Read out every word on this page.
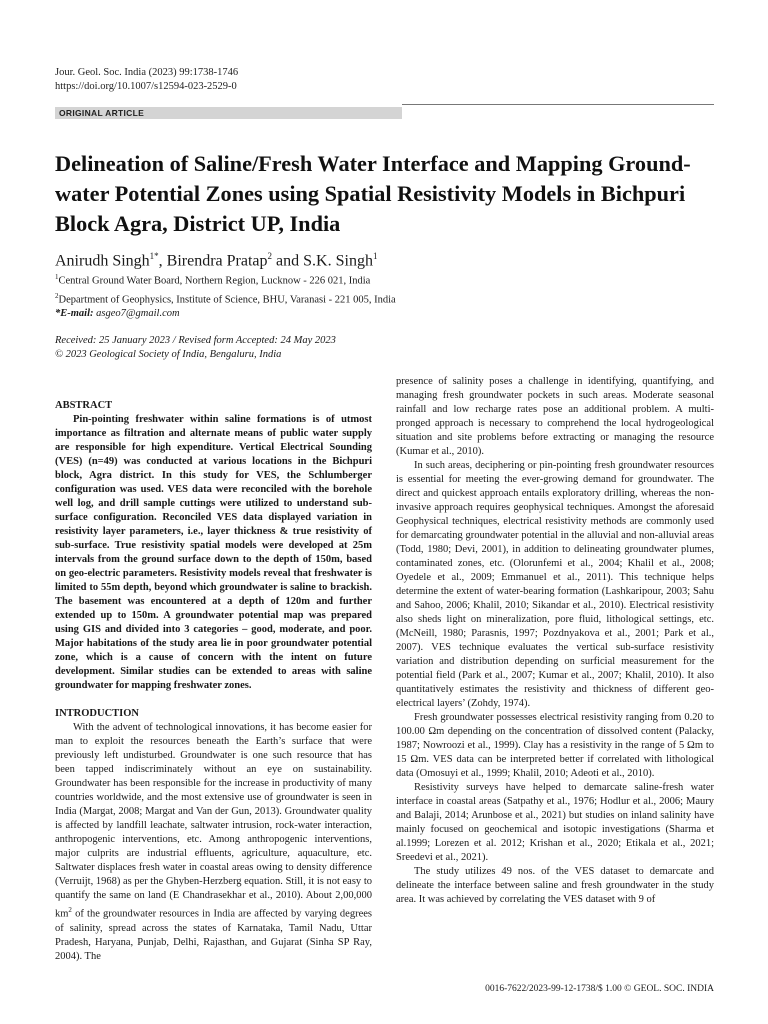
Jour. Geol. Soc. India (2023) 99:1738-1746
https://doi.org/10.1007/s12594-023-2529-0
ORIGINAL ARTICLE
Delineation of Saline/Fresh Water Interface and Mapping Ground-water Potential Zones using Spatial Resistivity Models in Bichpuri Block Agra, District UP, India
Anirudh Singh$^{1*}$, Birendra Pratap$^2$ and S.K. Singh$^1$
$^1$Central Ground Water Board, Northern Region, Lucknow - 226 021, India
$^2$Department of Geophysics, Institute of Science, BHU, Varanasi - 221 005, India
*E-mail: asgeo7@gmail.com
Received: 25 January 2023 / Revised form Accepted: 24 May 2023
© 2023 Geological Society of India, Bengaluru, India

ABSTRACT

Pin-pointing freshwater within saline formations is of utmost importance as filtration and alternate means of public water supply are responsible for high expenditure. Vertical Electrical Sounding (VES) (n=49) was conducted at various locations in the Bichpuri block, Agra district. In this study for VES, the Schlumberger configuration was used. VES data were reconciled with the borehole well log, and drill sample cuttings were utilized to understand sub-surface configuration. Reconciled VES data displayed variation in resistivity layer parameters, i.e., layer thickness & true resistivity of sub-surface. True resistivity spatial models were developed at 25m intervals from the ground surface down to the depth of 150m, based on geo-electric parameters. Resistivity models reveal that freshwater is limited to 55m depth, beyond which groundwater is saline to brackish. The basement was encountered at a depth of 120m and further extended up to 150m. A groundwater potential map was prepared using GIS and divided into 3 categories – good, moderate, and poor. Major habitations of the study area lie in poor groundwater potential zone, which is a cause of concern with the intent on future development. Similar studies can be extended to areas with saline groundwater for mapping freshwater zones.

INTRODUCTION

With the advent of technological innovations, it has become easier for man to exploit the resources beneath the Earth’s surface that were previously left undisturbed. Groundwater is one such resource that has been tapped indiscriminately without an eye on sustainability. Groundwater has been responsible for the increase in productivity of many countries worldwide, and the most extensive use of groundwater is seen in India (Margat, 2008; Margat and Van der Gun, 2013). Groundwater quality is affected by landfill leachate, saltwater intrusion, rock-water interaction, anthropogenic interventions, etc. Among anthropogenic interventions, major culprits are industrial effluents, agriculture, aquaculture, etc. Saltwater displaces fresh water in coastal areas owing to density difference (Verruijt, 1968) as per the Ghyben-Herzberg equation. Still, it is not easy to quantify the same on land (E Chandrasekhar et al., 2010). About 2,00,000 $km^2$ of the groundwater resources in India are affected by varying degrees of salinity, spread across the states of Karnataka, Tamil Nadu, Uttar Pradesh, Haryana, Punjab, Delhi, Rajasthan, and Gujarat (Sinha SP Ray, 2004). The

presence of salinity poses a challenge in identifying, quantifying, and managing fresh groundwater pockets in such areas. Moderate seasonal rainfall and low recharge rates pose an additional problem. A multi-pronged approach is necessary to comprehend the local hydrogeological situation and site problems before extracting or managing the resource (Kumar et al., 2010).

In such areas, deciphering or pin-pointing fresh groundwater resources is essential for meeting the ever-growing demand for groundwater. The direct and quickest approach entails exploratory drilling, whereas the non-invasive approach requires geophysical techniques. Amongst the aforesaid Geophysical techniques, electrical resistivity methods are commonly used for demarcating groundwater potential in the alluvial and non-alluvial areas (Todd, 1980; Devi, 2001), in addition to delineating groundwater plumes, contaminated zones, etc. (Olorunfemi et al., 2004; Khalil et al., 2008; Oyedele et al., 2009; Emmanuel et al., 2011). This technique helps determine the extent of water-bearing formation (Lashkaripour, 2003; Sahu and Sahoo, 2006; Khalil, 2010; Sikandar et al., 2010). Electrical resistivity also sheds light on mineralization, pore fluid, lithological settings, etc. (McNeill, 1980; Parasnis, 1997; Pozdnyakova et al., 2001; Park et al., 2007). VES technique evaluates the vertical sub-surface resistivity variation and distribution depending on surficial measurement for the potential field (Park et al., 2007; Kumar et al., 2007; Khalil, 2010). It also quantitatively estimates the resistivity and thickness of different geo-electrical layers’ (Zohdy, 1974).

Fresh groundwater possesses electrical resistivity ranging from 0.20 to 100.00 Ωm depending on the concentration of dissolved content (Palacky, 1987; Nowroozi et al., 1999). Clay has a resistivity in the range of 5 Ωm to 15 Ωm. VES data can be interpreted better if correlated with lithological data (Omosuyi et al., 1999; Khalil, 2010; Adeoti et al., 2010).

Resistivity surveys have helped to demarcate saline-fresh water interface in coastal areas (Satpathy et al., 1976; Hodlur et al., 2006; Maury and Balaji, 2014; Arunbose et al., 2021) but studies on inland salinity have mainly focused on geochemical and isotopic investigations (Sharma et al.1999; Lorezen et al. 2012; Krishan et al., 2020; Etikala et al., 2021; Sreedevi et al., 2021).

The study utilizes 49 nos. of the VES dataset to demarcate and delineate the interface between saline and fresh groundwater in the study area. It was achieved by correlating the VES dataset with 9 of

0016-7622/2023-99-12-1738/$ 1.00 © GEOL. SOC. INDIA
